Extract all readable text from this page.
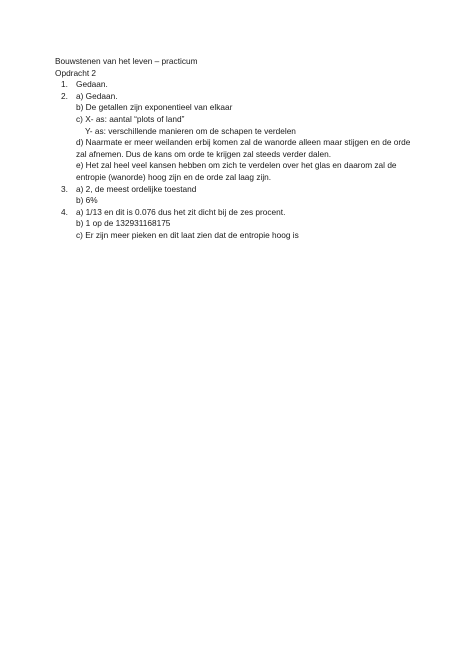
Bouwstenen van het leven – practicum
Opdracht 2
1. Gedaan.
2. a) Gedaan.
b) De getallen zijn exponentieel van elkaar
c) X- as: aantal “plots of land”
Y- as: verschillende manieren om de schapen te verdelen
d) Naarmate er meer weilanden erbij komen zal de wanorde alleen maar stijgen en de orde zal afnemen. Dus de kans om orde te krijgen zal steeds verder dalen.
e) Het zal heel veel kansen hebben om zich te verdelen over het glas en daarom zal de entropie (wanorde) hoog zijn en de orde zal laag zijn.
3. a) 2, de meest ordelijke toestand
b) 6%
4. a) 1/13 en dit is 0.076 dus het zit dicht bij de zes procent.
b) 1 op de 132931168175
c) Er zijn meer pieken en dit laat zien dat de entropie hoog is
